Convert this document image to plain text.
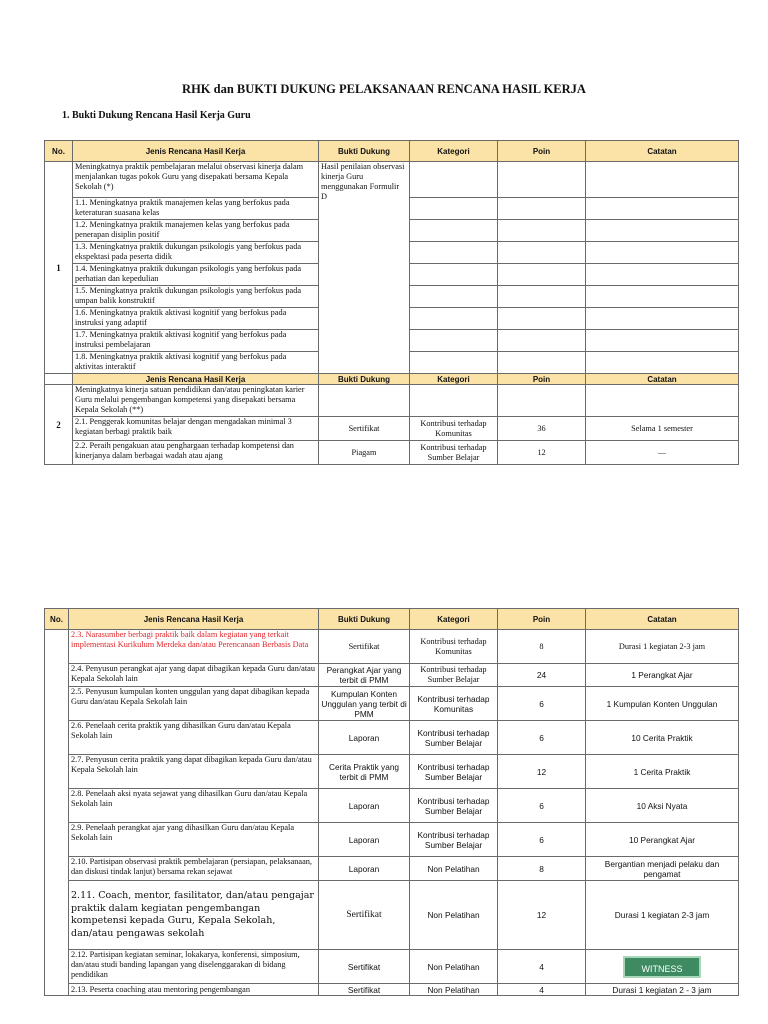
RHK dan BUKTI DUKUNG PELAKSANAAN RENCANA HASIL KERJA
1. Bukti Dukung Rencana Hasil Kerja Guru
No.	Jenis Rencana Hasil Kerja	Bukti Dukung	Kategori	Poin	Catatan
1	Meningkatnya praktik pembelajaran melalui observasi kinerja dalam menjalankan tugas pokok Guru yang disepakati bersama Kepala Sekolah (*)	Hasil penilaian observasi kinerja Guru menggunakan Formulir D			
	1.1. Meningkatnya praktik manajemen kelas yang berfokus pada keteraturan suasana kelas				
	1.2. Meningkatnya praktik manajemen kelas yang berfokus pada penerapan disiplin positif				
	1.3. Meningkatnya praktik dukungan psikologis yang berfokus pada ekspektasi pada peserta didik				
	1.4. Meningkatnya praktik dukungan psikologis yang berfokus pada perhatian dan kepedulian				
	1.5. Meningkatnya praktik dukungan psikologis yang berfokus pada umpan balik konstruktif				
	1.6. Meningkatnya praktik aktivasi kognitif yang berfokus pada instruksi yang adaptif				
	1.7. Meningkatnya praktik aktivasi kognitif yang berfokus pada instruksi pembelajaran				
	1.8. Meningkatnya praktik aktivasi kognitif yang berfokus pada aktivitas interaktif				
	Jenis Rencana Hasil Kerja	Bukti Dukung	Kategori	Poin	Catatan
2	Meningkatnya kinerja satuan pendidikan dan/atau peningkatan karier Guru melalui pengembangan kompetensi yang disepakati bersama Kepala Sekolah (**)				
	2.1. Penggerak komunitas belajar dengan mengadakan minimal 3 kegiatan berbagi praktik baik	Sertifikat	Kontribusi terhadap Komunitas	36	Selama 1 semester
	2.2. Peraih pengakuan atau penghargaan terhadap kompetensi dan kinerjanya dalam berbagai wadah atau ajang	Piagam	Kontribusi terhadap Sumber Belajar	12	—
No.	Jenis Rencana Hasil Kerja	Bukti Dukung	Kategori	Poin	Catatan
	2.3. Narasumber berbagi praktik baik dalam kegiatan yang terkait implementasi Kurikulum Merdeka dan/atau Perencanaan Berbasis Data	Sertifikat	Kontribusi terhadap Komunitas	8	Durasi 1 kegiatan 2-3 jam
	2.4. Penyusun perangkat ajar yang dapat dibagikan kepada Guru dan/atau Kepala Sekolah lain	Perangkat Ajar yang terbit di PMM	Kontribusi terhadap Sumber Belajar	24	1 Perangkat Ajar
	2.5. Penyusun kumpulan konten unggulan yang dapat dibagikan kepada Guru dan/atau Kepala Sekolah lain	Kumpulan Konten Unggulan yang terbit di PMM	Kontribusi terhadap Komunitas	6	1 Kumpulan Konten Unggulan
	2.6. Penelaah cerita praktik yang dihasilkan Guru dan/atau Kepala Sekolah lain	Laporan	Kontribusi terhadap Sumber Belajar	6	10 Cerita Praktik
	2.7. Penyusun cerita praktik yang dapat dibagikan kepada Guru dan/atau Kepala Sekolah lain	Cerita Praktik yang terbit di PMM	Kontribusi terhadap Sumber Belajar	12	1 Cerita Praktik
	2.8. Penelaah aksi nyata sejawat yang dihasilkan Guru dan/atau Kepala Sekolah lain	Laporan	Kontribusi terhadap Sumber Belajar	6	10 Aksi Nyata
	2.9. Penelaah perangkat ajar yang dihasilkan Guru dan/atau Kepala Sekolah lain	Laporan	Kontribusi terhadap Sumber Belajar	6	10 Perangkat Ajar
	2.10. Partisipan observasi praktik pembelajaran (persiapan, pelaksanaan, dan diskusi tindak lanjut) bersama rekan sejawat	Laporan	Non Pelatihan	8	Bergantian menjadi pelaku dan pengamat
	2.11. Coach, mentor, fasilitator, dan/atau pengajar praktik dalam kegiatan pengembangan kompetensi kepada Guru, Kepala Sekolah, dan/atau pengawas sekolah	Sertifikat	Non Pelatihan	12	Durasi 1 kegiatan 2-3 jam
	2.12. Partisipan kegiatan seminar, lokakarya, konferensi, simposium, dan/atau studi banding lapangan yang diselenggarakan di bidang pendidikan	Sertifikat	Non Pelatihan	4	WITNESS
	2.13. Peserta coaching atau mentoring pengembangan	Sertifikat	Non Pelatihan	4	Durasi 1 kegiatan 2 - 3 jam
